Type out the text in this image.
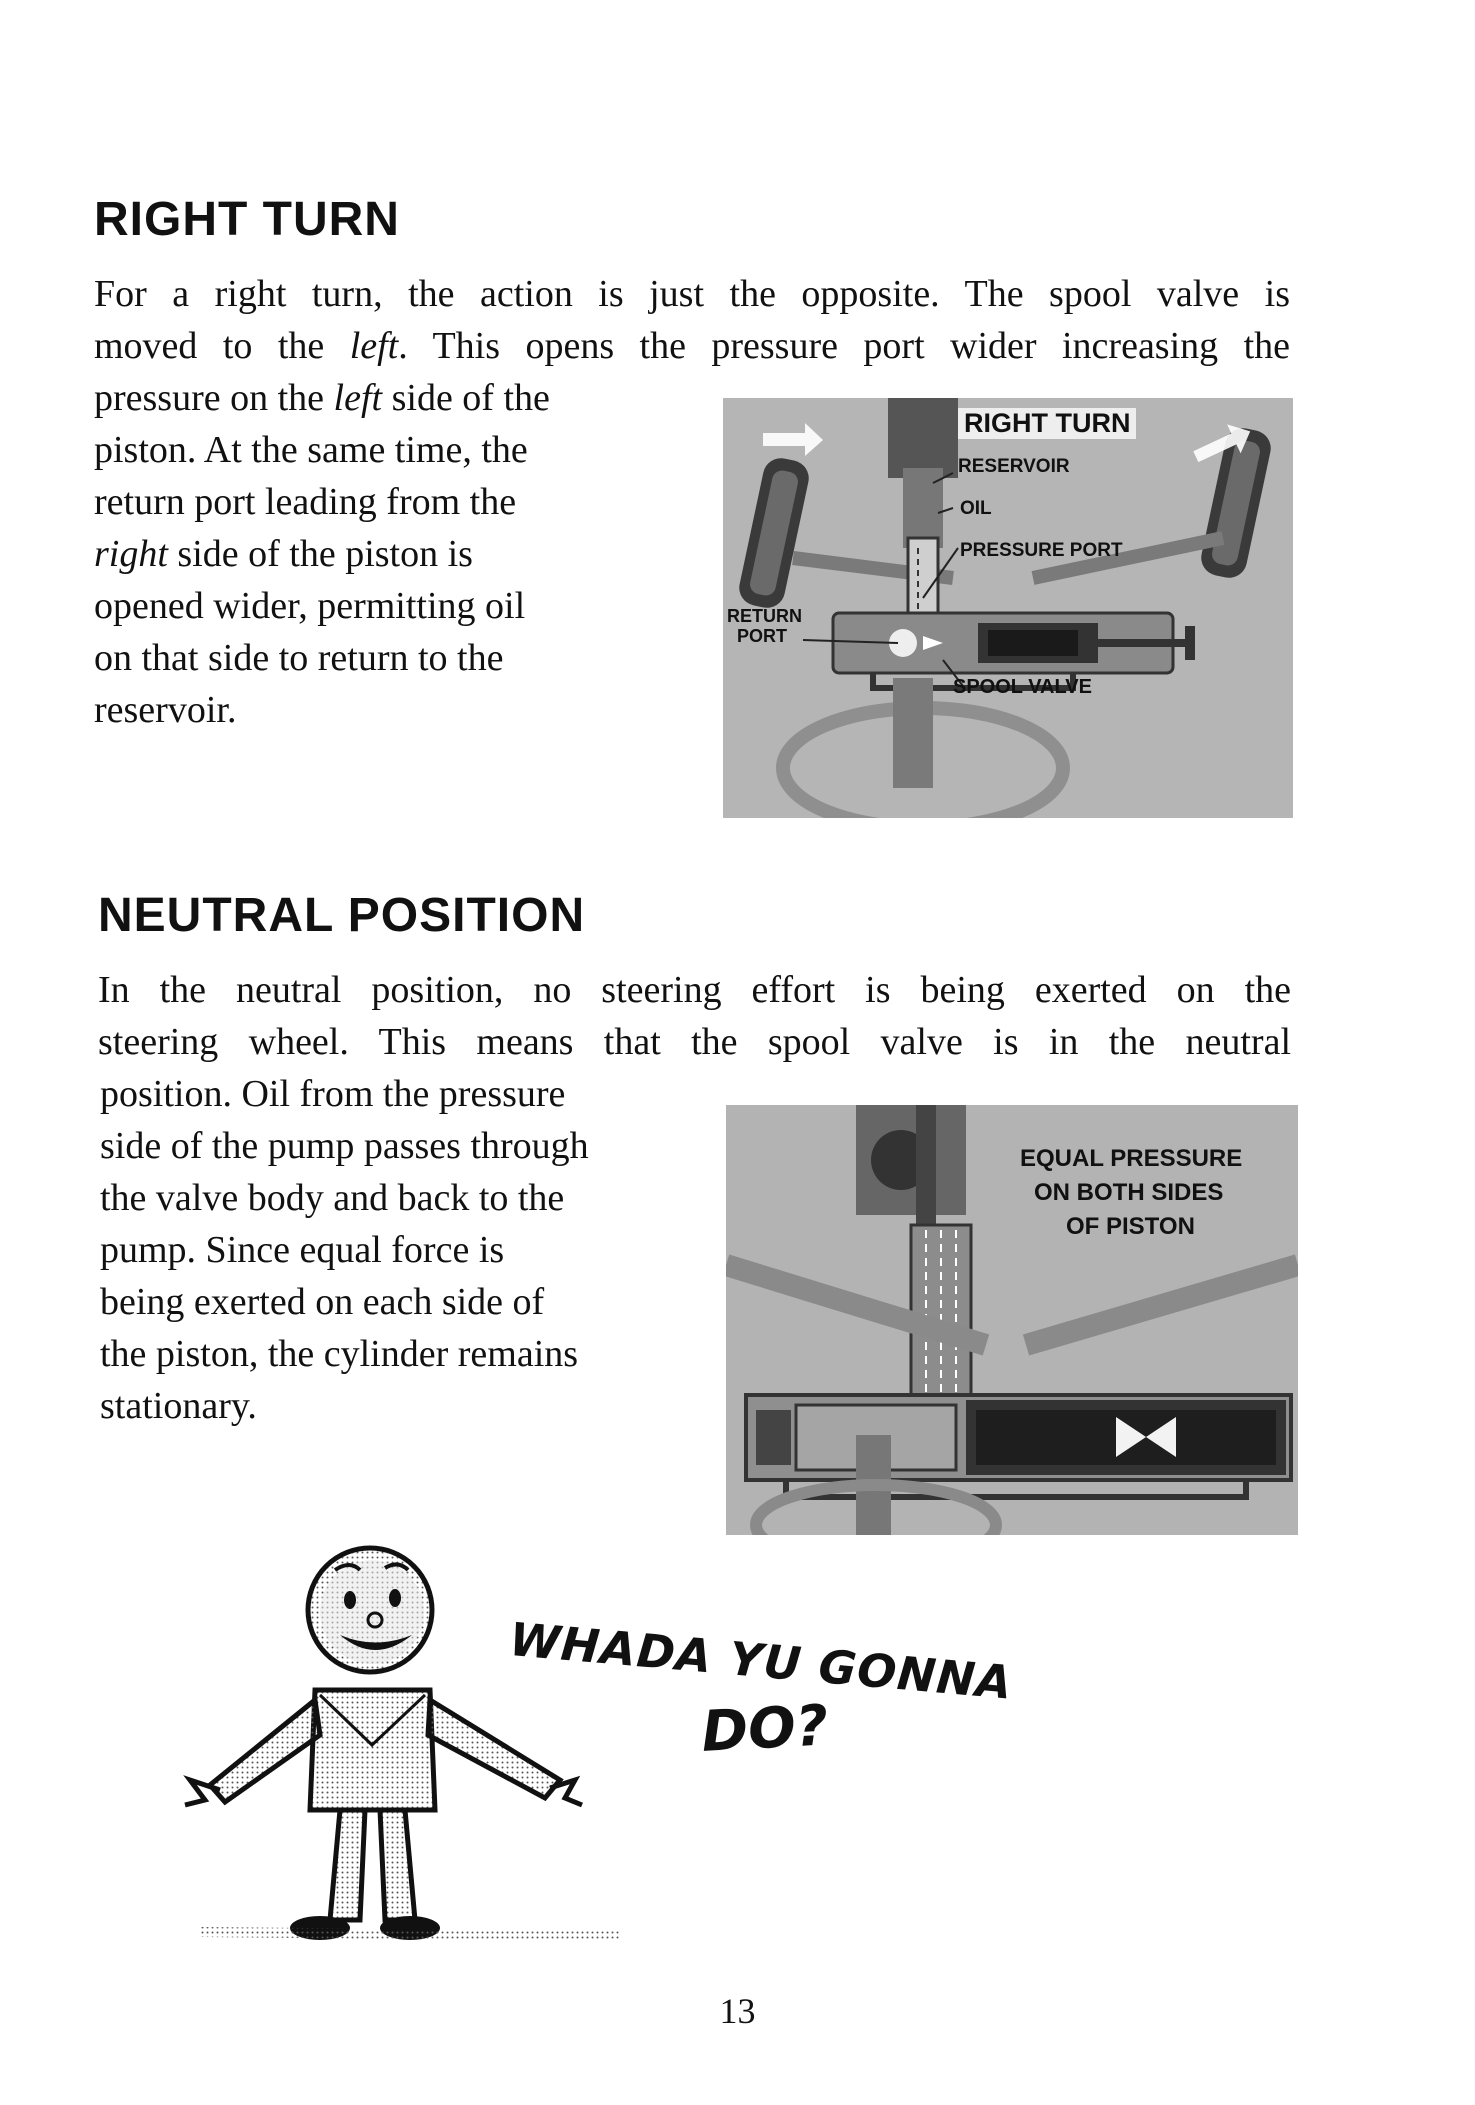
RIGHT TURN

For a right turn, the action is just the opposite. The spool valve is
moved to the left. This opens the pressure port wider increasing the

pressure on the left side of the
piston. At the same time, the
return port leading from the
right side of the piston is
opened wider, permitting oil
on that side to return to the
reservoir.

RIGHT TURN
RESERVOIR
OIL
PRESSURE PORT
RETURN
PORT
SPOOL VALVE
NEUTRAL POSITION

In the neutral position, no steering effort is being exerted on the
steering wheel. This means that the spool valve is in the neutral

position. Oil from the pressure
side of the pump passes through
the valve body and back to the
pump. Since equal force is
being exerted on each side of
the piston, the cylinder remains
stationary.

EQUAL PRESSURE
ON BOTH SIDES
OF PISTON
WHADA YU GONNA
DO?
13
